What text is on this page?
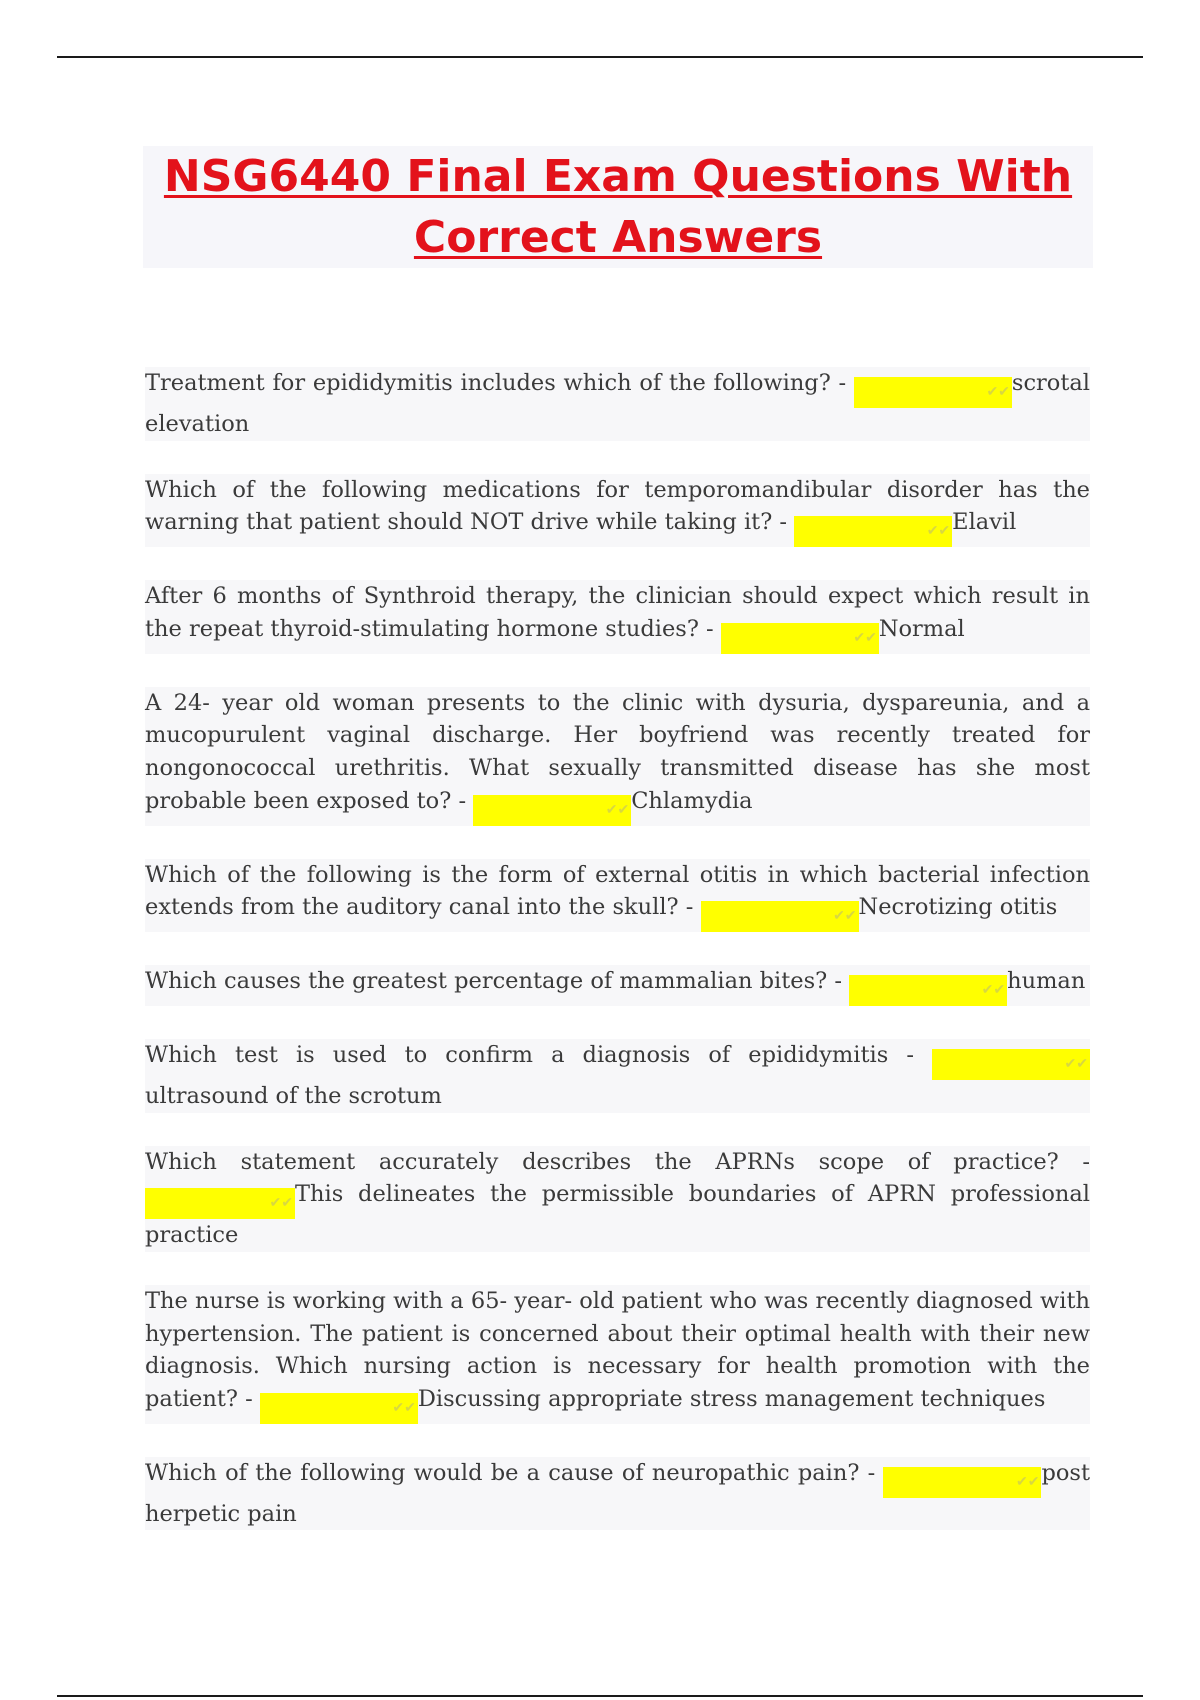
NSG6440 Final Exam Questions With Correct Answers

Treatment for epididymitis includes which of the following? -	✔✔scrotal elevation

Which of the following medications for temporomandibular disorder has the warning that patient should NOT drive while taking it? -	✔✔Elavil

After 6 months of Synthroid therapy, the clinician should expect which result in the repeat thyroid-stimulating hormone studies? -	✔✔Normal

A 24- year old woman presents to the clinic with dysuria, dyspareunia, and a mucopurulent vaginal discharge. Her boyfriend was recently treated for nongonococcal urethritis. What sexually transmitted disease has she most probable been exposed to? -	✔✔Chlamydia

Which of the following is the form of external otitis in which bacterial infection extends from the auditory canal into the skull? -	✔✔Necrotizing otitis

Which causes the greatest percentage of mammalian bites? -	✔✔human

Which test is used to confirm a diagnosis of epididymitis -	✔✔ ultrasound of the scrotum

Which statement accurately describes the APRNs scope of practice? - ✔✔This delineates the permissible boundaries of APRN professional practice

The nurse is working with a 65- year- old patient who was recently diagnosed with hypertension. The patient is concerned about their optimal health with their new diagnosis. Which nursing action is necessary for health promotion with the patient? -	✔✔Discussing appropriate stress management techniques

Which of the following would be a cause of neuropathic pain? -	✔✔post herpetic pain
